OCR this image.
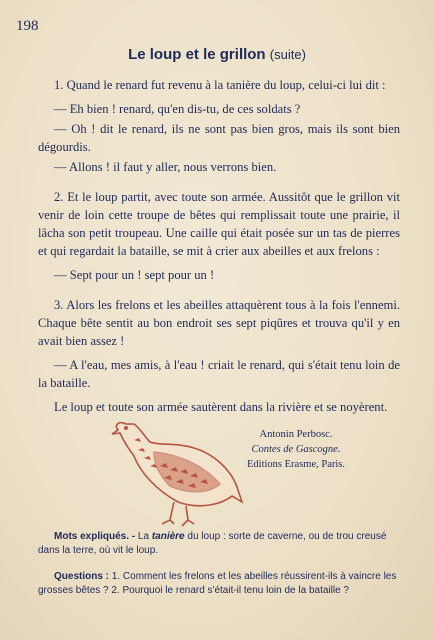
198
Le loup et le grillon (suite)

1. Quand le renard fut revenu à la tanière du loup, celui-ci lui dit :

— Eh bien ! renard, qu'en dis-tu, de ces soldats ?

— Oh ! dit le renard, ils ne sont pas bien gros, mais ils sont bien dégourdis.

— Allons ! il faut y aller, nous verrons bien.

2. Et le loup partit, avec toute son armée. Aussitôt que le grillon vit venir de loin cette troupe de bêtes qui remplissait toute une prairie, il lâcha son petit troupeau. Une caille qui était posée sur un tas de pierres et qui regardait la bataille, se mit à crier aux abeilles et aux frelons :

— Sept pour un ! sept pour un !

3. Alors les frelons et les abeilles attaquèrent tous à la fois l'ennemi. Chaque bête sentit au bon endroit ses sept piqûres et trouva qu'il y en avait bien assez !

— A l'eau, mes amis, à l'eau ! criait le renard, qui s'était tenu loin de la bataille.

Le loup et toute son armée sautèrent dans la rivière et se noyèrent.

Antonin Perbosc.
Contes de Gascogne.
Editions Erasme, Paris.

Mots expliqués. - La tanière du loup : sorte de caverne, ou de trou creusé dans la terre, où vit le loup.

Questions : 1. Comment les frelons et les abeilles réussirent-ils à vaincre les grosses bêtes ? 2. Pourquoi le renard s'était-il tenu loin de la bataille ?
